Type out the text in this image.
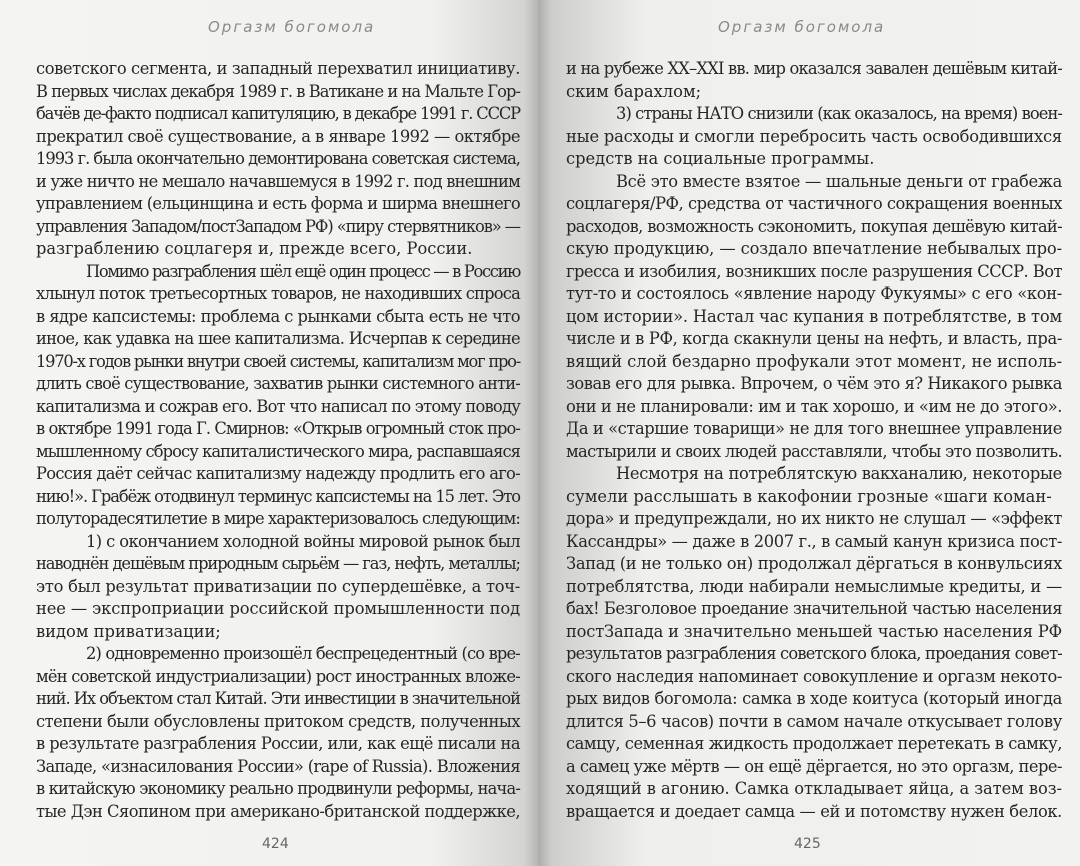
Оргазм богомола
советского сегмента, и западный перехватил инициативу.
В первых числах декабря 1989 г. в Ватикане и на Мальте Гор-
бачёв де-факто подписал капитуляцию, в декабре 1991 г. СССР
прекратил своё существование, а в январе 1992 — октябре
1993 г. была окончательно демонтирована советская система,
и уже ничто не мешало начавшемуся в 1992 г. под внешним
управлением (ельцинщина и есть форма и ширма внешнего
управления Западом/постЗападом РФ) «пиру стервятников» —
разграблению соцлагеря и, прежде всего, России.
Помимо разграбления шёл ещё один процесс — в Россию
хлынул поток третьесортных товаров, не находивших спроса
в ядре капсистемы: проблема с рынками сбыта есть не что
иное, как удавка на шее капитализма. Исчерпав к середине
1970-х годов рынки внутри своей системы, капитализм мог про-
длить своё существование, захватив рынки системного анти-
капитализма и сожрав его. Вот что написал по этому поводу
в октябре 1991 года Г. Смирнов: «Открыв огромный сток про-
мышленному сбросу капиталистического мира, распавшаяся
Россия даёт сейчас капитализму надежду продлить его аго-
нию!». Грабёж отодвинул терминус капсистемы на 15 лет. Это
полуторадесятилетие в мире характеризовалось следующим:
1) с окончанием холодной войны мировой рынок был
наводнён дешёвым природным сырьём — газ, нефть, металлы;
это был результат приватизации по супердешёвке, а точ-
нее — экспроприации российской промышленности под
видом приватизации;
2) одновременно произошёл беспрецедентный (со вре-
мён советской индустриализации) рост иностранных вложе-
ний. Их объектом стал Китай. Эти инвестиции в значительной
степени были обусловлены притоком средств, полученных
в результате разграбления России, или, как ещё писали на
Западе, «изнасилования России» (rape of Russia). Вложения
в китайскую экономику реально продвинули реформы, нача-
тые Дэн Сяопином при американо-британской поддержке,
424
Оргазм богомола
и на рубеже XX–XXI вв. мир оказался завален дешёвым китай-
ским барахлом;
3) страны НАТО снизили (как оказалось, на время) воен-
ные расходы и смогли перебросить часть освободившихся
средств на социальные программы.
Всё это вместе взятое — шальные деньги от грабежа
соцлагеря/РФ, средства от частичного сокращения военных
расходов, возможность сэкономить, покупая дешёвую китай-
скую продукцию, — создало впечатление небывалых про-
гресса и изобилия, возникших после разрушения СССР. Вот
тут-то и состоялось «явление народу Фукуямы» с его «кон-
цом истории». Настал час купания в потреблятстве, в том
числе и в РФ, когда скакнули цены на нефть, и власть, пра-
вящий слой бездарно профукали этот момент, не исполь-
зовав его для рывка. Впрочем, о чём это я? Никакого рывка
они и не планировали: им и так хорошо, и «им не до этого».
Да и «старшие товарищи» не для того внешнее управление
мастырили и своих людей расставляли, чтобы это позволить.
Несмотря на потреблятскую вакханалию, некоторые
сумели расслышать в какофонии грозные «шаги коман-
дора» и предупреждали, но их никто не слушал — «эффект
Кассандры» — даже в 2007 г., в самый канун кризиса пост-
Запад (и не только он) продолжал дёргаться в конвульсиях
потреблятства, люди набирали немыслимые кредиты, и —
бах! Безголовое проедание значительной частью населения
постЗапада и значительно меньшей частью населения РФ
результатов разграбления советского блока, проедания совет-
ского наследия напоминает совокупление и оргазм некото-
рых видов богомола: самка в ходе коитуса (который иногда
длится 5–6 часов) почти в самом начале откусывает голову
самцу, семенная жидкость продолжает перетекать в самку,
а самец уже мёртв — он ещё дёргается, но это оргазм, пере-
ходящий в агонию. Самка откладывает яйца, а затем воз-
вращается и доедает самца — ей и потомству нужен белок.
425
